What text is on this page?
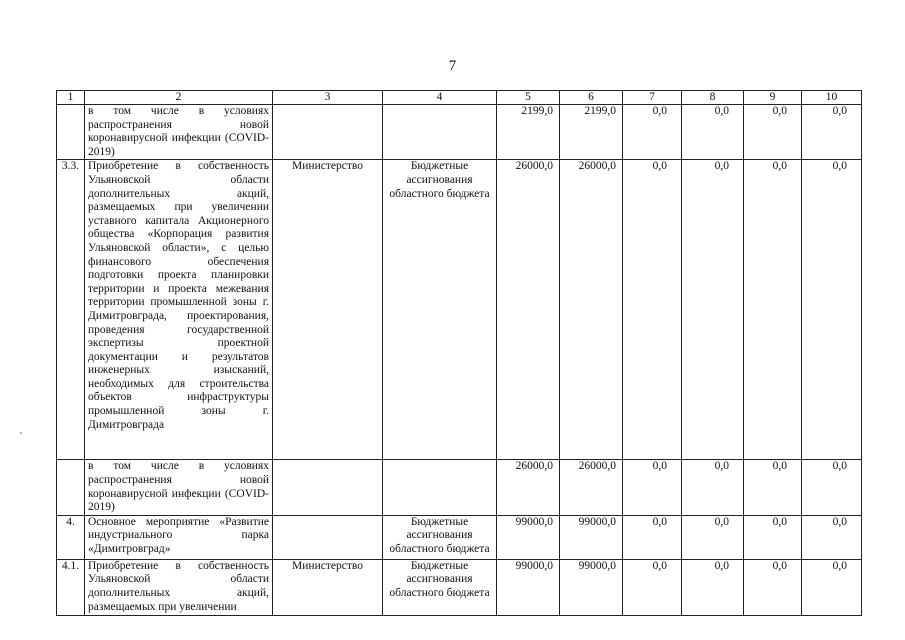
7
1	2	3	4	5	6	7	8	9	10
	в том числе в условиях распространения новой коронавирусной инфекции (COVID-2019)			2199,0	2199,0	0,0	0,0	0,0	0,0
3.3.	Приобретение в собственность Ульяновской области дополнительных акций, размещаемых при увеличении уставного капитала Акционерного общества «Корпорация развития Ульяновской области», с целью финансового обеспечения подготовки проекта планировки территории и проекта межевания территории промышленной зоны г. Димитровграда, проектирования, проведения государственной экспертизы проектной документации и результатов инженерных изысканий, необходимых для строительства объектов инфраструктуры промышленной зоны г. Димитровграда	Министерство	Бюджетные ассигнования областного бюджета	26000,0	26000,0	0,0	0,0	0,0	0,0
	в том числе в условиях распространения новой коронавирусной инфекции (COVID-2019)			26000,0	26000,0	0,0	0,0	0,0	0,0
4.	Основное мероприятие «Развитие индустриального парка «Димитровград»		Бюджетные ассигнования областного бюджета	99000,0	99000,0	0,0	0,0	0,0	0,0
4.1.	Приобретение в собственность Ульяновской области дополнительных акций, размещаемых при увеличении	Министерство	Бюджетные ассигнования областного бюджета	99000,0	99000,0	0,0	0,0	0,0	0,0
